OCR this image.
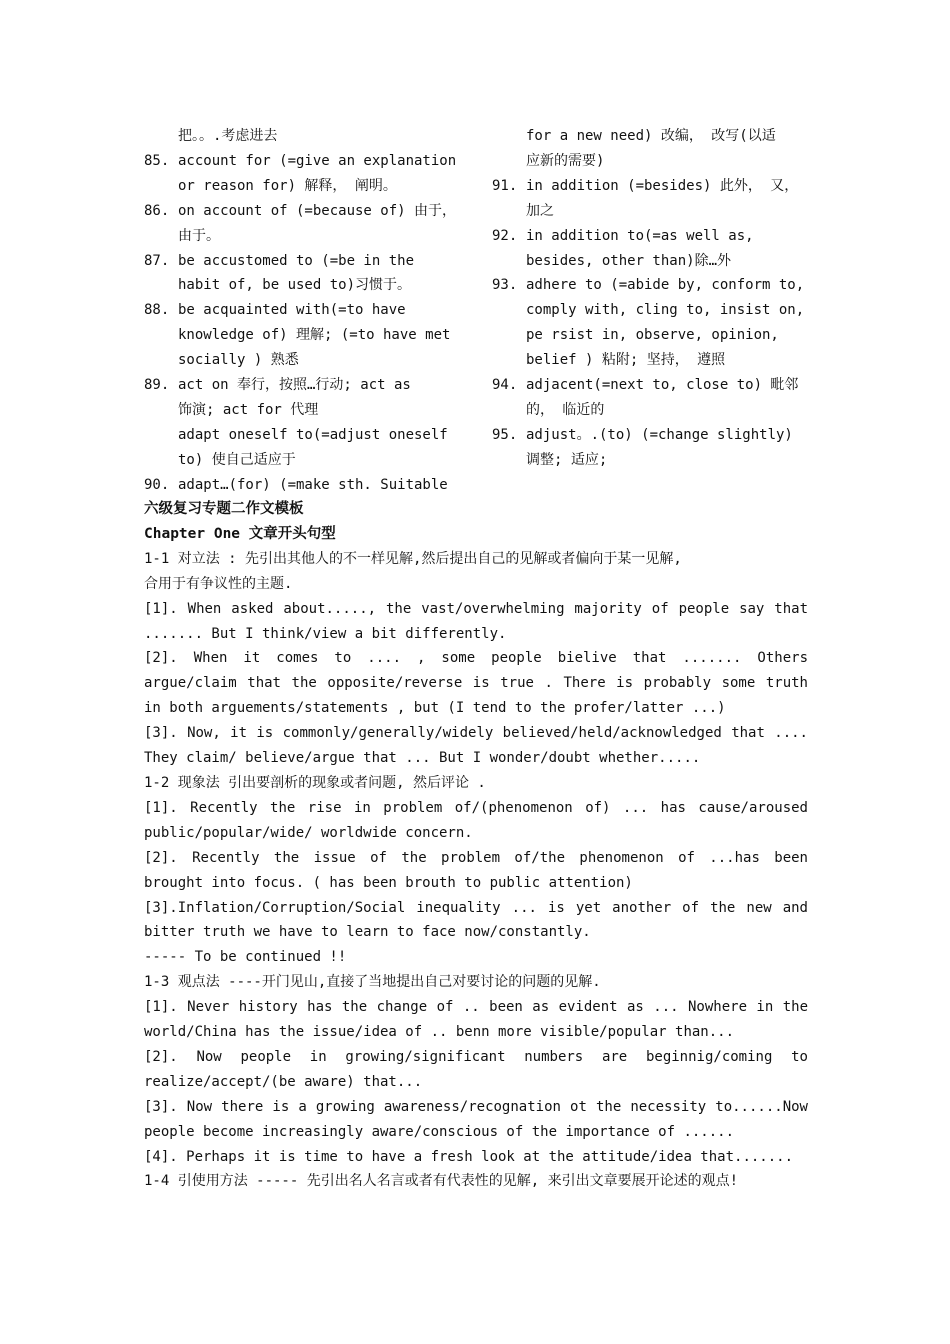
把。。.考虑进去
85. account for (=give an explanation
or reason for) 解释， 阐明。
86. on account of (=because of) 由于，
由于。
87. be accustomed to (=be in the
habit of, be used to)习惯于。
88. be acquainted with(=to have
knowledge of) 理解; (=to have met
socially ) 熟悉
89. act on 奉行，按照…行动; act as
饰演; act for 代理
adapt oneself to(=adjust oneself
to) 使自己适应于
90. adapt…(for) (=make sth. Suitable
for a new need) 改编， 改写(以适
应新的需要)
91. in addition (=besides) 此外， 又，
加之
92. in addition to(=as well as,
besides, other than)除…外
93. adhere to (=abide by, conform to,
comply with, cling to, insist on,
pe rsist in, observe, opinion,
belief ) 粘附; 坚持， 遵照
94. adjacent(=next to, close to) 毗邻
的， 临近的
95. adjust。.(to) (=change slightly)
调整; 适应;

六级复习专题二作文模板

Chapter One 文章开头句型

1-1 对立法 : 先引出其他人的不一样见解,然后提出自己的见解或者偏向于某一见解,

合用于有争议性的主题.

[1]. When asked about....., the vast/overwhelming majority of people say that ....... But I think/view a bit differently.

[2]. When it comes to .... , some people bielive that ....... Others argue/claim that the opposite/reverse is true . There is probably some truth in both arguements/statements , but (I tend to the profer/latter ...)

[3]. Now, it is commonly/generally/widely believed/held/acknowledged that .... They claim/ believe/argue that ... But I wonder/doubt whether.....

1-2 现象法 引出要剖析的现象或者问题, 然后评论 .

[1]. Recently the rise in problem of/(phenomenon of) ... has cause/aroused public/popular/wide/ worldwide concern.

[2]. Recently the issue of the problem of/the phenomenon of ...has been brought into focus. ( has been brouth to public attention)

[3].Inflation/Corruption/Social inequality ... is yet another of the new and bitter truth we have to learn to face now/constantly.

----- To be continued !!

1-3 观点法 ----开门见山,直接了当地提出自己对要讨论的问题的见解.

[1]. Never history has the change of .. been as evident as ... Nowhere in the world/China has the issue/idea of .. benn more visible/popular than...

[2]. Now people in growing/significant numbers are beginnig/coming to realize/accept/(be aware) that...

[3]. Now there is a growing awareness/recognation ot the necessity to......Now people become increasingly aware/conscious of the importance of ......

[4]. Perhaps it is time to have a fresh look at the attitude/idea that.......

1-4 引使用方法 ----- 先引出名人名言或者有代表性的见解, 来引出文章要展开论述的观点!
